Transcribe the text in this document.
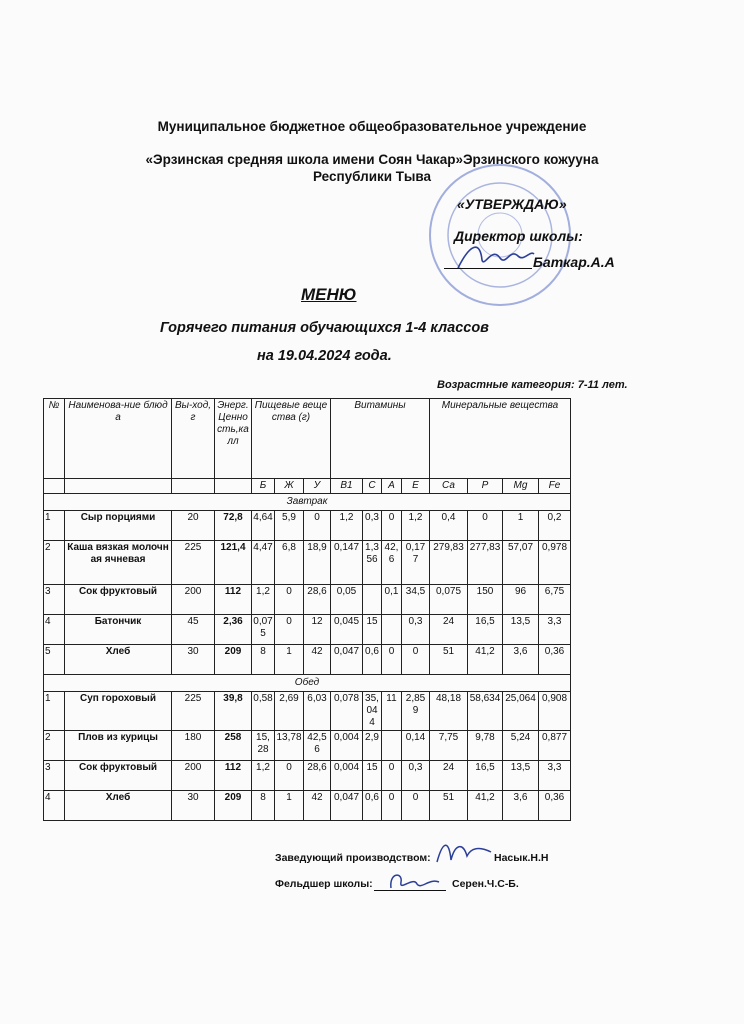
Муниципальное бюджетное общеобразовательное учреждение
«Эрзинская средняя школа имени Соян Чакар»Эрзинского кожууна
Республики Тыва
«УТВЕРЖДАЮ»
Директор школы:
Баткар.А.А
МЕНЮ
Горячего питания обучающихся 1-4 классов
на 19.04.2024 года.
Возрастные категория: 7-11 лет.
№	Наименова-ние блюда	Вы-ход,г	Энерг. Ценность,калл	Пищевые вещества (г)			Витамины				Минеральные вещества			
				Б	Ж	У	В1	С	А	Е	Са	Р	Mg	Fe
Завтрак														
1	Сыр порциями	20	72,8	4,64	5,9	0	1,2	0,3	0	1,2	0,4	0	1	0,2
2	Каша вязкая молочная ячневая	225	121,4	4,47	6,8	18,9	0,147	1,356	42,6	0,177	279,83	277,83	57,07	0,978
3	Сок фруктовый	200	112	1,2	0	28,6	0,05		0,1	34,5	0,075	150	96	6,75
4	Батончик	45	2,36	0,075	0	12	0,045	15		0,3	24	16,5	13,5	3,3
5	Хлеб	30	209	8	1	42	0,047	0,6	0	0	51	41,2	3,6	0,36
Обед														
1	Суп гороховый	225	39,8	0,58	2,69	6,03	0,078	35,044	11	2,859	48,18	58,634	25,064	0,908
2	Плов из курицы	180	258	15, 28	13,78	42,56	0,004	2,9		0,14	7,75	9,78	5,24	0,877
3	Сок фруктовый	200	112	1,2	0	28,6	0,004	15	0	0,3	24	16,5	13,5	3,3
4	Хлеб	30	209	8	1	42	0,047	0,6	0	0	51	41,2	3,6	0,36
Заведующий производством:	Насык.Н.Н
Фельдшер школы:	Серен.Ч.С-Б.
